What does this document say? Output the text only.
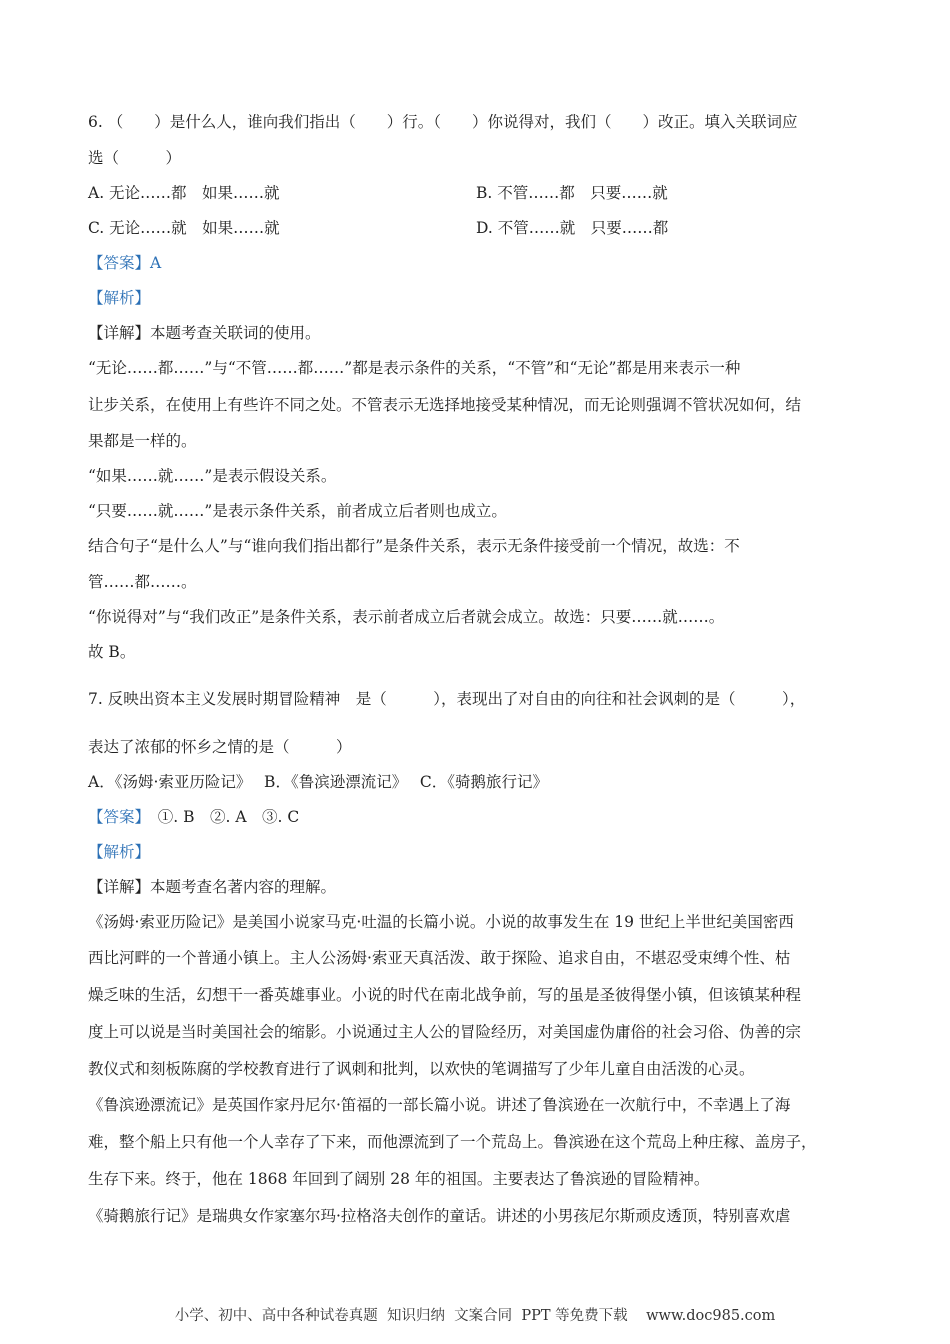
6. （　　）是什么人，谁向我们指出（　　）行。（　　）你说得对，我们（　　）改正。填入关联词应
选（　　　）
A. 无论……都　如果……就	B. 不管……都　只要……就
C. 无论……就　如果……就	D. 不管……就　只要……都
【答案】A
【解析】
【详解】本题考查关联词的使用。
“无论……都……”与“不管……都……”都是表示条件的关系，“不管”和“无论”都是用来表示一种
让步关系，在使用上有些许不同之处。不管表示无选择地接受某种情况，而无论则强调不管状况如何，结
果都是一样的。
“如果……就……”是表示假设关系。
“只要……就……”是表示条件关系，前者成立后者则也成立。
结合句子“是什么人”与“谁向我们指出都行”是条件关系，表示无条件接受前一个情况，故选：不
管……都……。
“你说得对”与“我们改正”是条件关系，表示前者成立后者就会成立。故选：只要……就……。
故 B。
7. 反映出资本主义发展时期冒险精神　是（　　　），表现出了对自由的向往和社会讽刺的是（　　　），
表达了浓郁的怀乡之情的是（　　　）
A．《汤姆·索亚历险记》　 B．《鲁滨逊漂流记》　 C．《骑鹅旅行记》
【答案】　①. B　②. A　③. C
【解析】
【详解】本题考查名著内容的理解。
《汤姆·索亚历险记》是美国小说家马克·吐温的长篇小说。小说的故事发生在 19 世纪上半世纪美国密西
西比河畔的一个普通小镇上。主人公汤姆·索亚天真活泼、敢于探险、追求自由，不堪忍受束缚个性、枯
燥乏味的生活，幻想干一番英雄事业。小说的时代在南北战争前，写的虽是圣彼得堡小镇，但该镇某种程
度上可以说是当时美国社会的缩影。小说通过主人公的冒险经历，对美国虚伪庸俗的社会习俗、伪善的宗
教仪式和刻板陈腐的学校教育进行了讽刺和批判，以欢快的笔调描写了少年儿童自由活泼的心灵。
《鲁滨逊漂流记》是英国作家丹尼尔·笛福的一部长篇小说。讲述了鲁滨逊在一次航行中，不幸遇上了海
难，整个船上只有他一个人幸存了下来，而他漂流到了一个荒岛上。鲁滨逊在这个荒岛上种庄稼、盖房子，
生存下来。终于，他在 1868 年回到了阔别 28 年的祖国。主要表达了鲁滨逊的冒险精神。
《骑鹅旅行记》是瑞典女作家塞尔玛·拉格洛夫创作的童话。讲述的小男孩尼尔斯顽皮透顶，特别喜欢虐
小学、初中、高中各种试卷真题  知识归纳  文案合同  PPT 等免费下载    www.doc985.com
